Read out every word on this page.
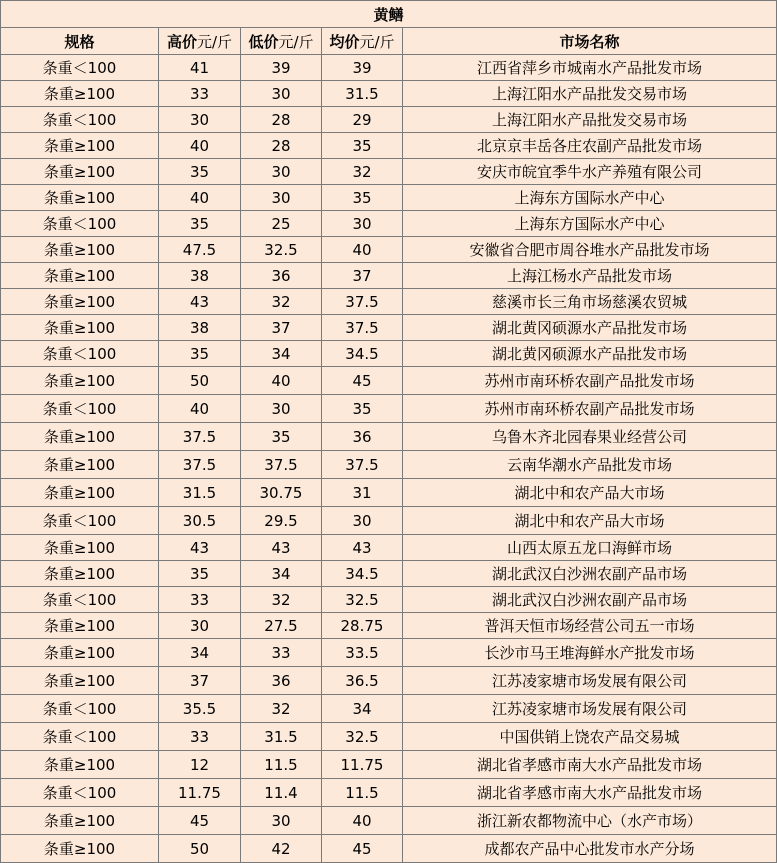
黄鳝				
规格	高价元/斤	低价元/斤	均价元/斤	市场名称
条重＜100	41	39	39	江西省萍乡市城南水产品批发市场
条重≥100	33	30	31.5	上海江阳水产品批发交易市场
条重＜100	30	28	29	上海江阳水产品批发交易市场
条重≥100	40	28	35	北京京丰岳各庄农副产品批发市场
条重≥100	35	30	32	安庆市皖宜季牛水产养殖有限公司
条重≥100	40	30	35	上海东方国际水产中心
条重＜100	35	25	30	上海东方国际水产中心
条重≥100	47.5	32.5	40	安徽省合肥市周谷堆水产品批发市场
条重≥100	38	36	37	上海江杨水产品批发市场
条重≥100	43	32	37.5	慈溪市长三角市场慈溪农贸城
条重≥100	38	37	37.5	湖北黄冈硕源水产品批发市场
条重＜100	35	34	34.5	湖北黄冈硕源水产品批发市场
条重≥100	50	40	45	苏州市南环桥农副产品批发市场
条重＜100	40	30	35	苏州市南环桥农副产品批发市场
条重≥100	37.5	35	36	乌鲁木齐北园春果业经营公司
条重≥100	37.5	37.5	37.5	云南华潮水产品批发市场
条重≥100	31.5	30.75	31	湖北中和农产品大市场
条重＜100	30.5	29.5	30	湖北中和农产品大市场
条重≥100	43	43	43	山西太原五龙口海鲜市场
条重≥100	35	34	34.5	湖北武汉白沙洲农副产品市场
条重＜100	33	32	32.5	湖北武汉白沙洲农副产品市场
条重≥100	30	27.5	28.75	普洱天恒市场经营公司五一市场
条重≥100	34	33	33.5	长沙市马王堆海鲜水产批发市场
条重≥100	37	36	36.5	江苏凌家塘市场发展有限公司
条重＜100	35.5	32	34	江苏凌家塘市场发展有限公司
条重＜100	33	31.5	32.5	中国供销上饶农产品交易城
条重≥100	12	11.5	11.75	湖北省孝感市南大水产品批发市场
条重＜100	11.75	11.4	11.5	湖北省孝感市南大水产品批发市场
条重≥100	45	30	40	浙江新农都物流中心（水产市场）
条重≥100	50	42	45	成都农产品中心批发市水产分场
